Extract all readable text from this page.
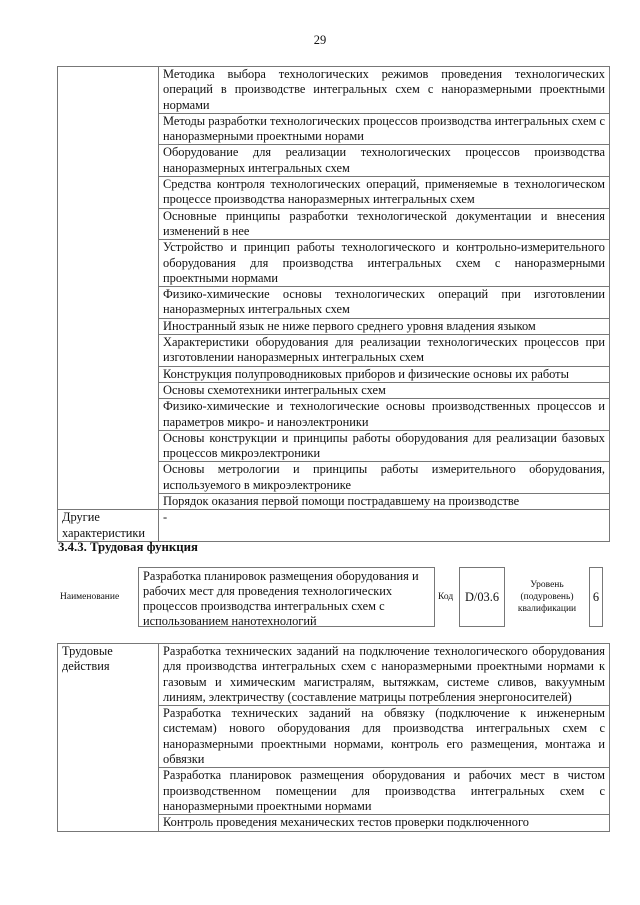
29
	Методика выбора технологических режимов проведения технологических операций в производстве интегральных схем с наноразмерными проектными нормами
	Методы разработки технологических процессов производства интегральных схем с наноразмерными проектными норами
	Оборудование для реализации технологических процессов производства наноразмерных интегральных схем
	Средства контроля технологических операций, применяемые в технологическом процессе производства наноразмерных интегральных схем
	Основные принципы разработки технологической документации и внесения изменений в нее
	Устройство и принцип работы технологического и контрольно-измерительного оборудования для производства интегральных схем с наноразмерными проектными нормами
	Физико-химические основы технологических операций при изготовлении наноразмерных интегральных схем
	Иностранный язык не ниже первого среднего уровня владения языком
	Характеристики оборудования для реализации технологических процессов при изготовлении наноразмерных интегральных схем
	Конструкция полупроводниковых приборов и физические основы их работы
	Основы схемотехники интегральных схем
	Физико-химические и технологические основы производственных процессов и параметров микро- и наноэлектроники
	Основы конструкции и принципы работы оборудования для реализации базовых процессов микроэлектроники
	Основы метрологии и принципы работы измерительного оборудования, используемого в микроэлектронике
	Порядок оказания первой помощи пострадавшему на производстве
Другие характеристики	-
3.4.3. Трудовая функция
Наименование
Разработка планировок размещения оборудования и рабочих мест для проведения технологических процессов производства интегральных схем с использованием нанотехнологий
Код D/03.6
Уровень (подуровень) квалификации
6
Трудовые действия	Разработка технических заданий на подключение технологического оборудования для производства интегральных схем с наноразмерными проектными нормами к газовым и химическим магистралям, вытяжкам, системе сливов, вакуумным линиям, электричеству (составление матрицы потребления энергоносителей)
Разработка технических заданий на обвязку (подключение к инженерным системам) нового оборудования для производства интегральных схем с наноразмерными проектными нормами, контроль его размещения, монтажа и обвязки
Разработка планировок размещения оборудования и рабочих мест в чистом производственном помещении для производства интегральных схем с наноразмерными проектными нормами
Контроль проведения механических тестов проверки подключенного
